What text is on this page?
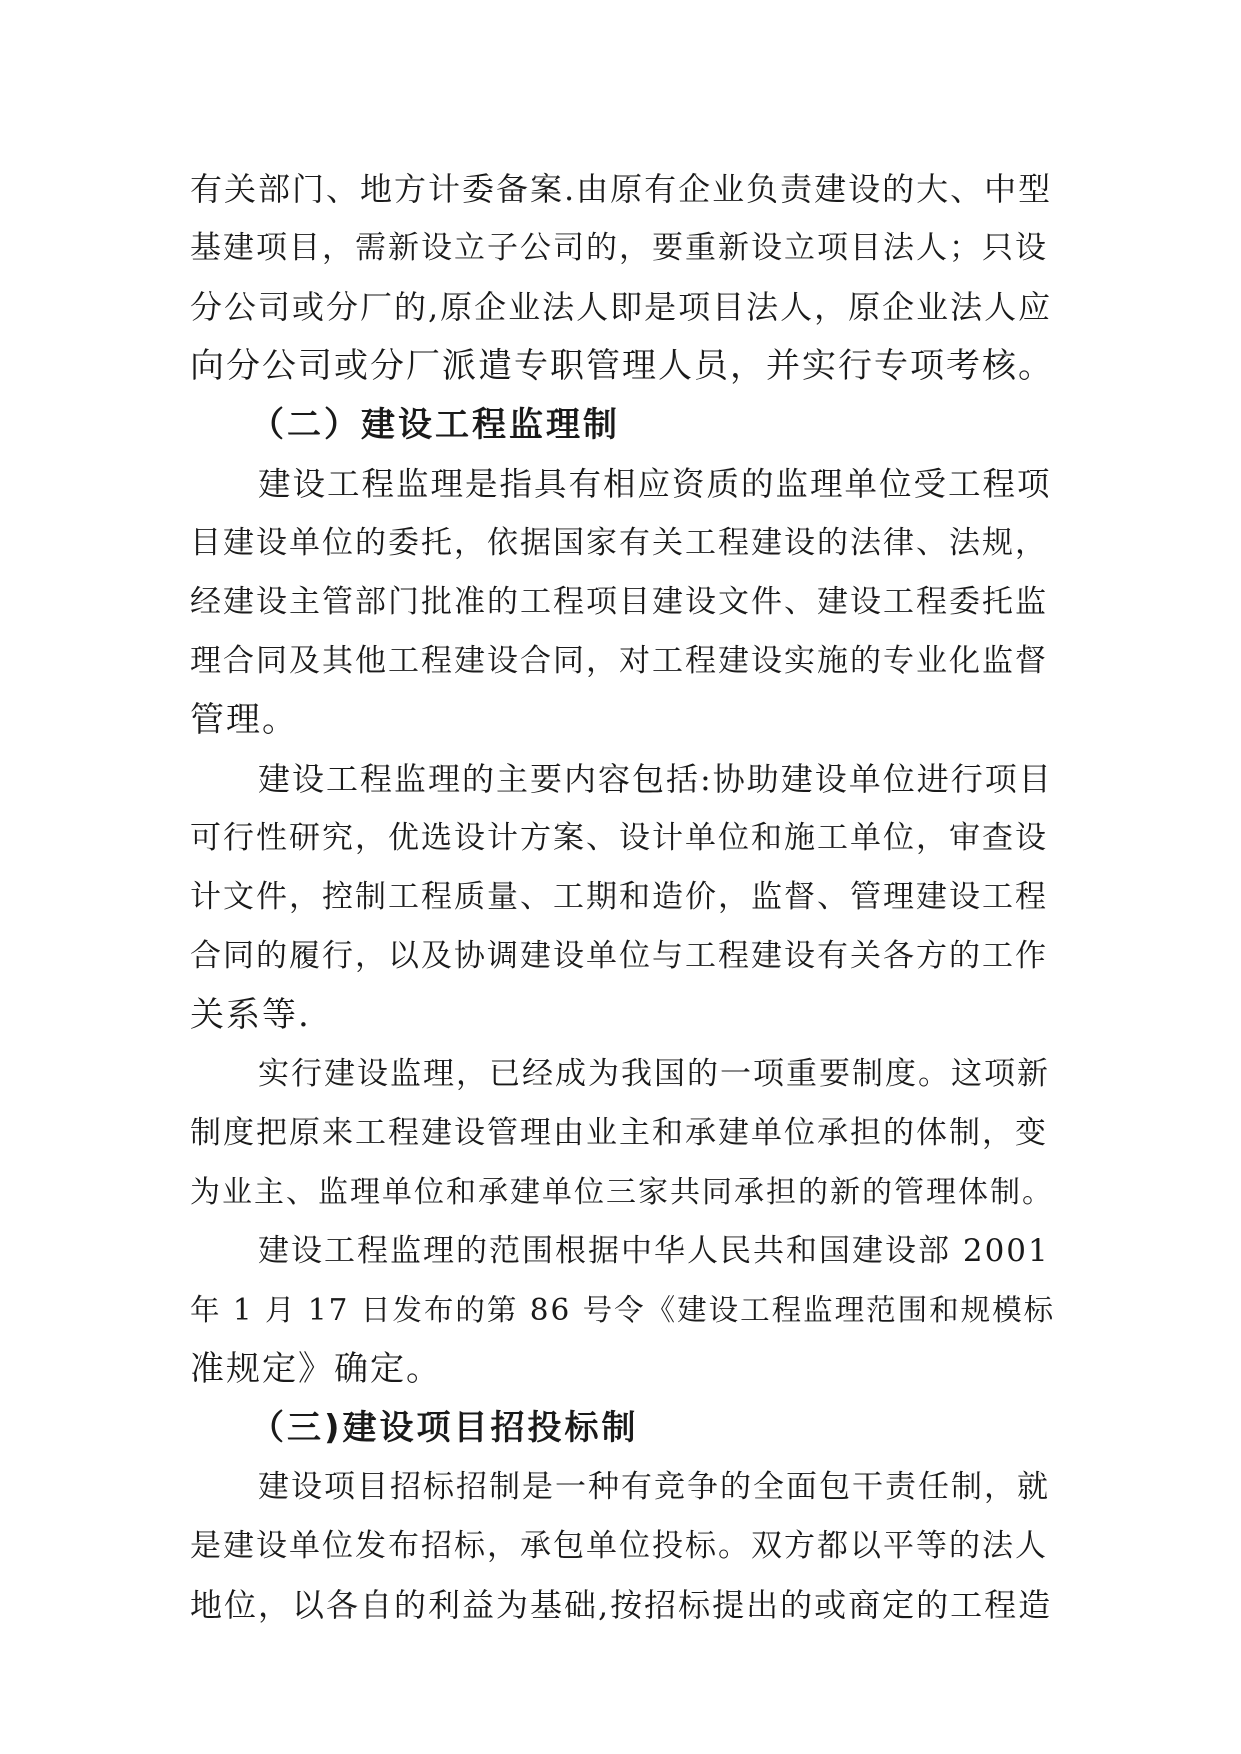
有关部门、地方计委备案.由原有企业负责建设的大、中型
基建项目，需新设立子公司的，要重新设立项目法人；只设
分公司或分厂的,原企业法人即是项目法人，原企业法人应
向分公司或分厂派遣专职管理人员，并实行专项考核。
（二）建设工程监理制
建设工程监理是指具有相应资质的监理单位受工程项
目建设单位的委托，依据国家有关工程建设的法律、法规，
经建设主管部门批准的工程项目建设文件、建设工程委托监
理合同及其他工程建设合同，对工程建设实施的专业化监督
管理。
建设工程监理的主要内容包括:协助建设单位进行项目
可行性研究，优选设计方案、设计单位和施工单位，审查设
计文件，控制工程质量、工期和造价，监督、管理建设工程
合同的履行，以及协调建设单位与工程建设有关各方的工作
关系等.
实行建设监理，已经成为我国的一项重要制度。这项新
制度把原来工程建设管理由业主和承建单位承担的体制，变
为业主、监理单位和承建单位三家共同承担的新的管理体制。
建设工程监理的范围根据中华人民共和国建设部 2001
年 1 月 17 日发布的第 86 号令《建设工程监理范围和规模标
准规定》确定。
（三)建设项目招投标制
建设项目招标招制是一种有竞争的全面包干责任制，就
是建设单位发布招标，承包单位投标。双方都以平等的法人
地位，以各自的利益为基础,按招标提出的或商定的工程造
